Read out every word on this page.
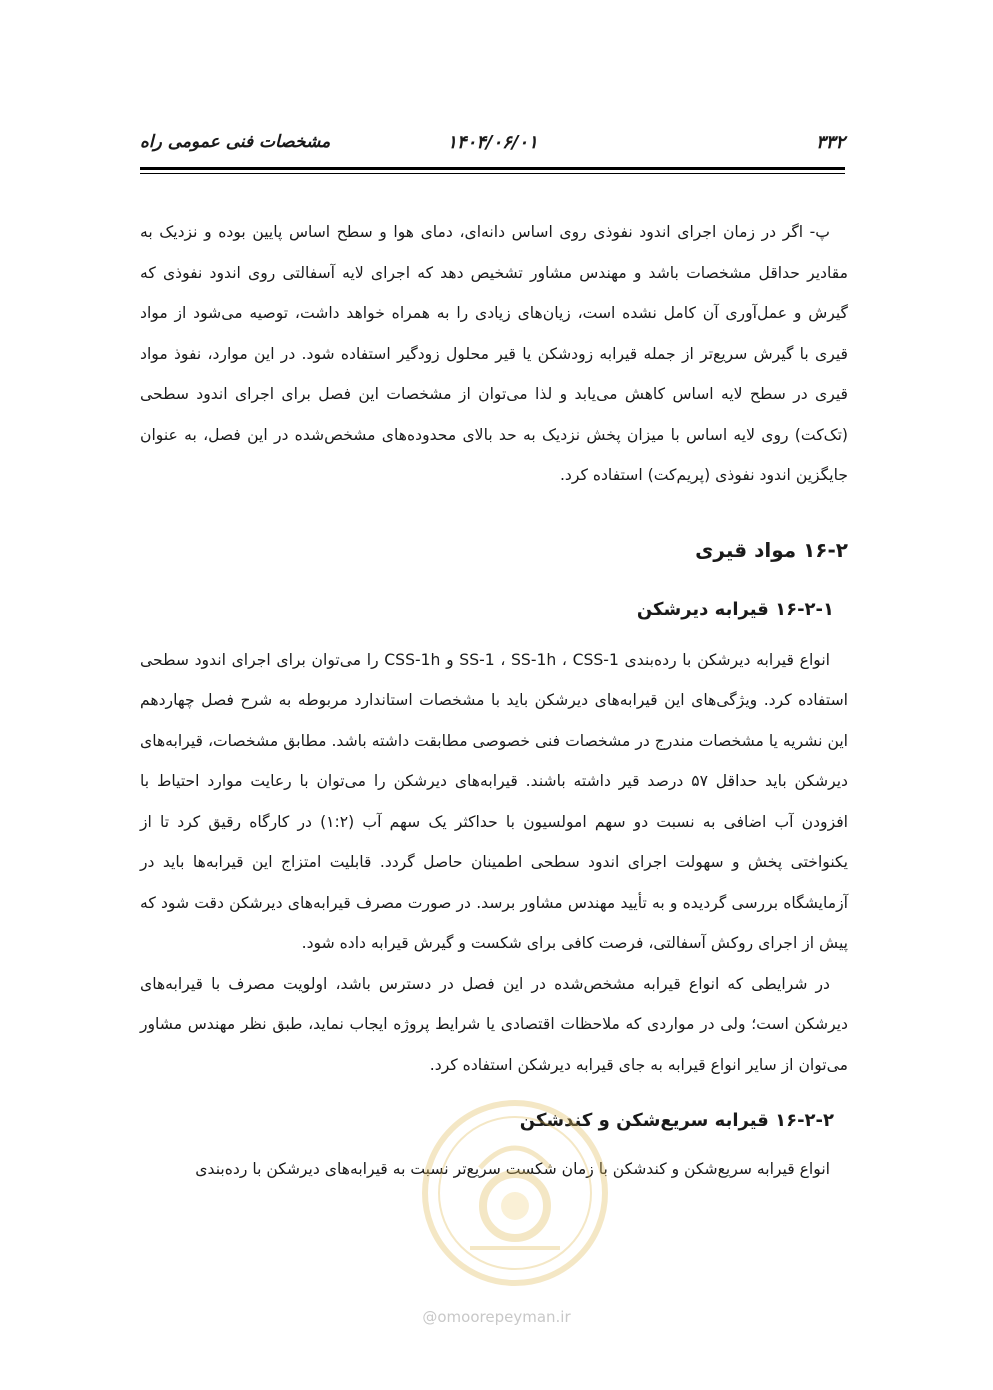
۳۳۲
۱۴۰۴/۰۶/۰۱
مشخصات فنی عمومی راه

پ- اگر در زمان اجرای اندود نفوذی روی اساس دانه‌ای، دمای هوا و سطح اساس پایین بوده و نزدیک به مقادیر حداقل مشخصات باشد و مهندس مشاور تشخیص دهد که اجرای لایه آسفالتی روی اندود نفوذی که گیرش و عمل‌آوری آن کامل نشده است، زیان‌های زیادی را به همراه خواهد داشت، توصیه می‌شود از مواد قیری با گیرش سریع‌تر از جمله قیرابه زودشکن یا قیر محلول زودگیر استفاده شود. در این موارد، نفوذ مواد قیری در سطح لایه اساس کاهش می‌یابد و لذا می‌توان از مشخصات این فصل برای اجرای اندود سطحی (تک‌کت) روی لایه اساس با میزان پخش نزدیک به حد بالای محدوده‌های مشخص‌شده در این فصل، به عنوان جایگزین اندود نفوذی (پریم‌کت) استفاده کرد.

۱۶-۲ مواد قیری
۱۶-۲-۱ قیرابه دیرشکن

انواع قیرابه دیرشکن با رده‌بندی SS-1 ، SS-1h ، CSS-1 و CSS-1h را می‌توان برای اجرای اندود سطحی استفاده کرد. ویژگی‌های این قیرابه‌های دیرشکن باید با مشخصات استاندارد مربوطه به شرح فصل چهاردهم این نشریه یا مشخصات مندرج در مشخصات فنی خصوصی مطابقت داشته باشد. مطابق مشخصات، قیرابه‌های دیرشکن باید حداقل ۵۷ درصد قیر داشته باشند. قیرابه‌های دیرشکن را می‌توان با رعایت موارد احتیاط با افزودن آب اضافی به نسبت دو سهم امولسیون با حداکثر یک سهم آب (۱:۲) در کارگاه رقیق کرد تا از یکنواختی پخش و سهولت اجرای اندود سطحی اطمینان حاصل گردد. قابلیت امتزاج این قیرابه‌ها باید در آزمایشگاه بررسی گردیده و به تأیید مهندس مشاور برسد. در صورت مصرف قیرابه‌های دیرشکن دقت شود که پیش از اجرای روکش آسفالتی، فرصت کافی برای شکست و گیرش قیرابه داده شود.

در شرایطی که انواع قیرابه مشخص‌شده در این فصل در دسترس باشد، اولویت مصرف با قیرابه‌های دیرشکن است؛ ولی در مواردی که ملاحظات اقتصادی یا شرایط پروژه ایجاب نماید، طبق نظر مهندس مشاور می‌توان از سایر انواع قیرابه به جای قیرابه دیرشکن استفاده کرد.

۱۶-۲-۲ قیرابه سریع‌شکن و کندشکن

انواع قیرابه سریع‌شکن و کندشکن با زمان شکست سریع‌تر نسبت به قیرابه‌های دیرشکن با رده‌بندی

@omoorepeyman.ir
